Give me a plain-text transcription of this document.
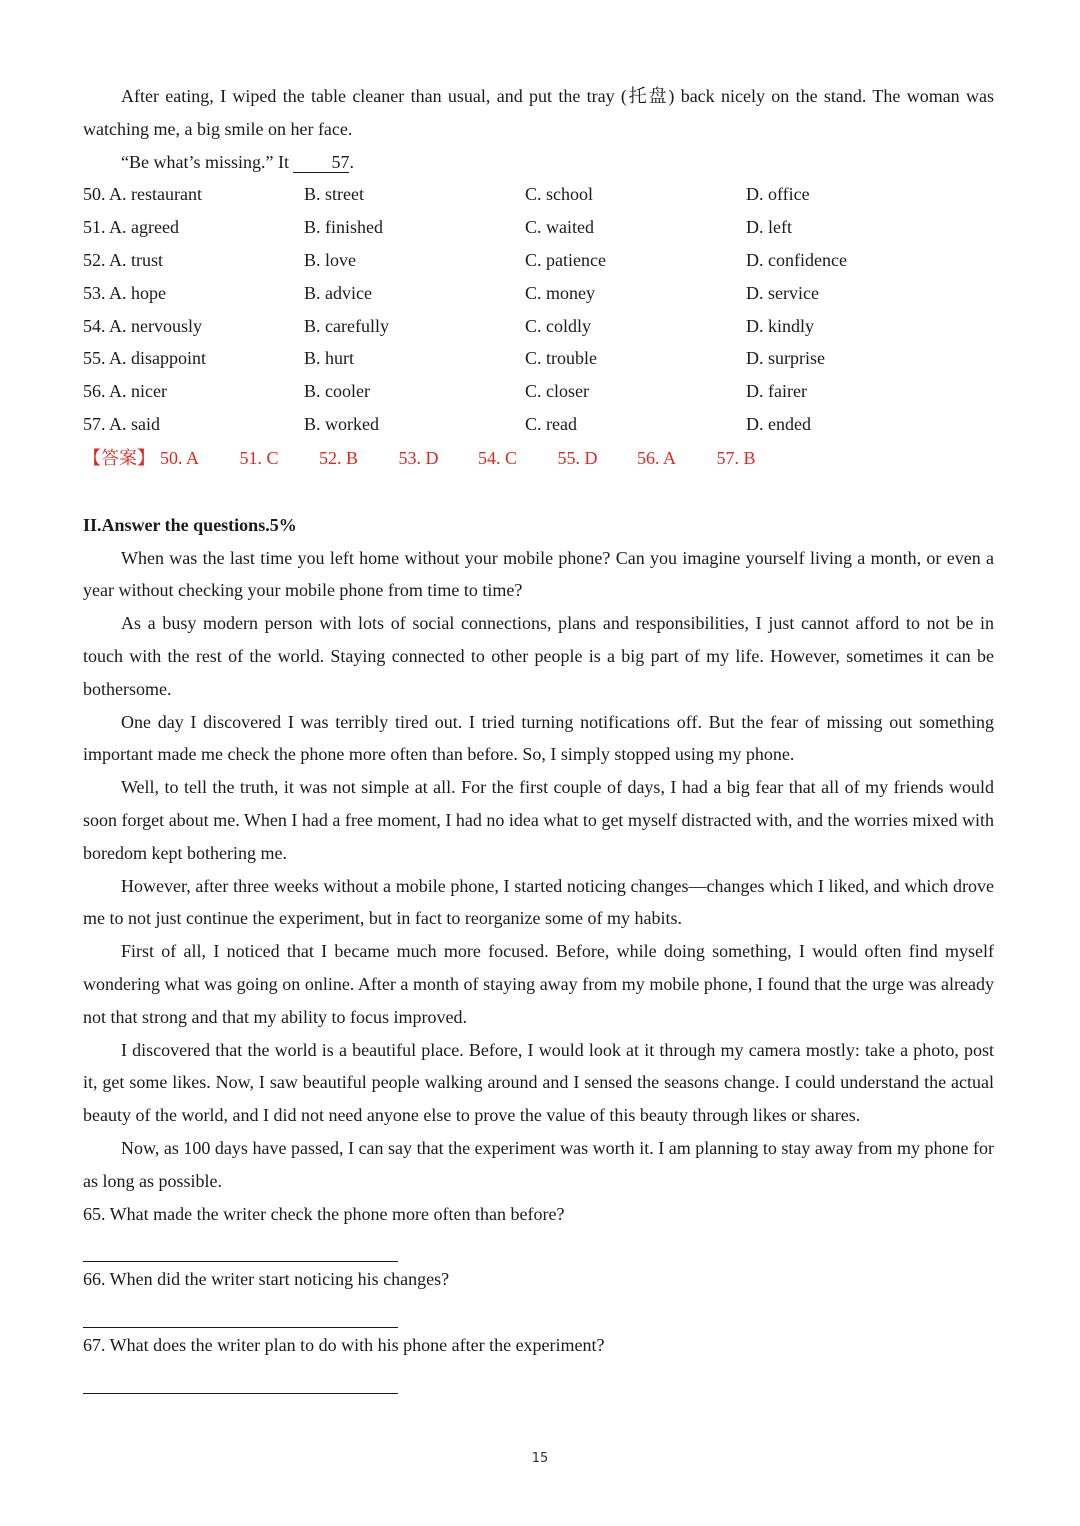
After eating, I wiped the table cleaner than usual, and put the tray (托盘) back nicely on the stand. The woman was watching me, a big smile on her face.

“Be what’s missing.” It 57.

50. A. restaurant	B. street	C. school	D. office
51. A. agreed	B. finished	C. waited	D. left
52. A. trust	B. love	C. patience	D. confidence
53. A. hope	B. advice	C. money	D. service
54. A. nervously	B. carefully	C. coldly	D. kindly
55. A. disappoint	B. hurt	C. trouble	D. surprise
56. A. nicer	B. cooler	C. closer	D. fairer
57. A. said	B. worked	C. read	D. ended
【答案】 50. A	51. C	52. B	53. D	54. C	55. D	56. A	57. B
II.Answer the questions.5%

When was the last time you left home without your mobile phone? Can you imagine yourself living a month, or even a year without checking your mobile phone from time to time?

As a busy modern person with lots of social connections, plans and responsibilities, I just cannot afford to not be in touch with the rest of the world. Staying connected to other people is a big part of my life. However, sometimes it can be bothersome.

One day I discovered I was terribly tired out. I tried turning notifications off. But the fear of missing out something important made me check the phone more often than before. So, I simply stopped using my phone.

Well, to tell the truth, it was not simple at all. For the first couple of days, I had a big fear that all of my friends would soon forget about me. When I had a free moment, I had no idea what to get myself distracted with, and the worries mixed with boredom kept bothering me.

However, after three weeks without a mobile phone, I started noticing changes—changes which I liked, and which drove me to not just continue the experiment, but in fact to reorganize some of my habits.

First of all, I noticed that I became much more focused. Before, while doing something, I would often find myself wondering what was going on online. After a month of staying away from my mobile phone, I found that the urge was already not that strong and that my ability to focus improved.

I discovered that the world is a beautiful place. Before, I would look at it through my camera mostly: take a photo, post it, get some likes. Now, I saw beautiful people walking around and I sensed the seasons change. I could understand the actual beauty of the world, and I did not need anyone else to prove the value of this beauty through likes or shares.

Now, as 100 days have passed, I can say that the experiment was worth it. I am planning to stay away from my phone for as long as possible.

65. What made the writer check the phone more often than before?

66. When did the writer start noticing his changes?

67. What does the writer plan to do with his phone after the experiment?

15
